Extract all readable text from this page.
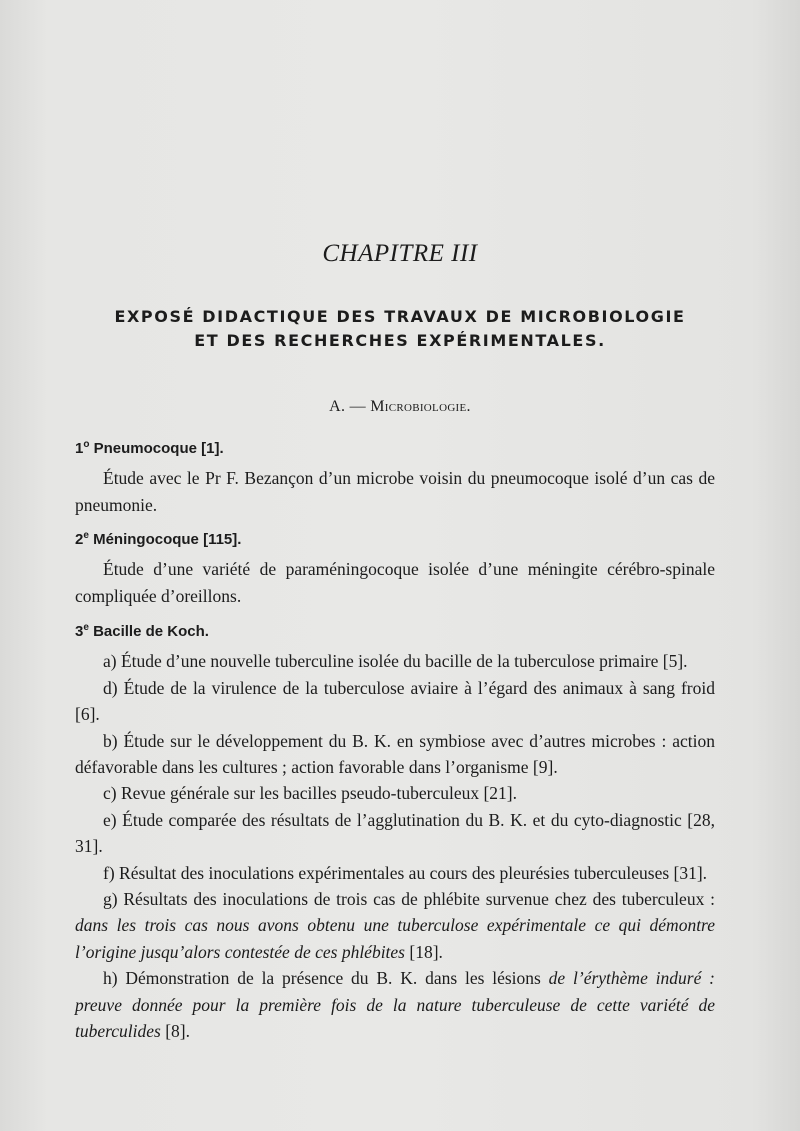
CHAPITRE III
EXPOSÉ DIDACTIQUE DES TRAVAUX DE MICROBIOLOGIE
ET DES RECHERCHES EXPÉRIMENTALES.
A. — Microbiologie.

1$^o$ Pneumocoque [1].

Étude avec le Pr F. Bezançon d’un microbe voisin du pneumocoque isolé d’un cas de pneumonie.

2e Méningocoque [115].

Étude d’une variété de paraméningocoque isolée d’une méningite cérébro-spinale compliquée d’oreillons.

3e Bacille de Koch.

a) Étude d’une nouvelle tuberculine isolée du bacille de la tuberculose primaire [5].

d) Étude de la virulence de la tuberculose aviaire à l’égard des animaux à sang froid [6].

b) Étude sur le développement du B. K. en symbiose avec d’autres microbes : action défavorable dans les cultures ; action favorable dans l’organisme [9].

c) Revue générale sur les bacilles pseudo-tuberculeux [21].

e) Étude comparée des résultats de l’agglutination du B. K. et du cyto-diagnostic [28, 31].

f) Résultat des inoculations expérimentales au cours des pleurésies tuberculeuses [31].

g) Résultats des inoculations de trois cas de phlébite survenue chez des tuberculeux : dans les trois cas nous avons obtenu une tuberculose expérimentale ce qui démontre l’origine jusqu’alors contestée de ces phlébites [18].

h) Démonstration de la présence du B. K. dans les lésions de l’érythème induré : preuve donnée pour la première fois de la nature tuberculeuse de cette variété de tuberculides [8].
